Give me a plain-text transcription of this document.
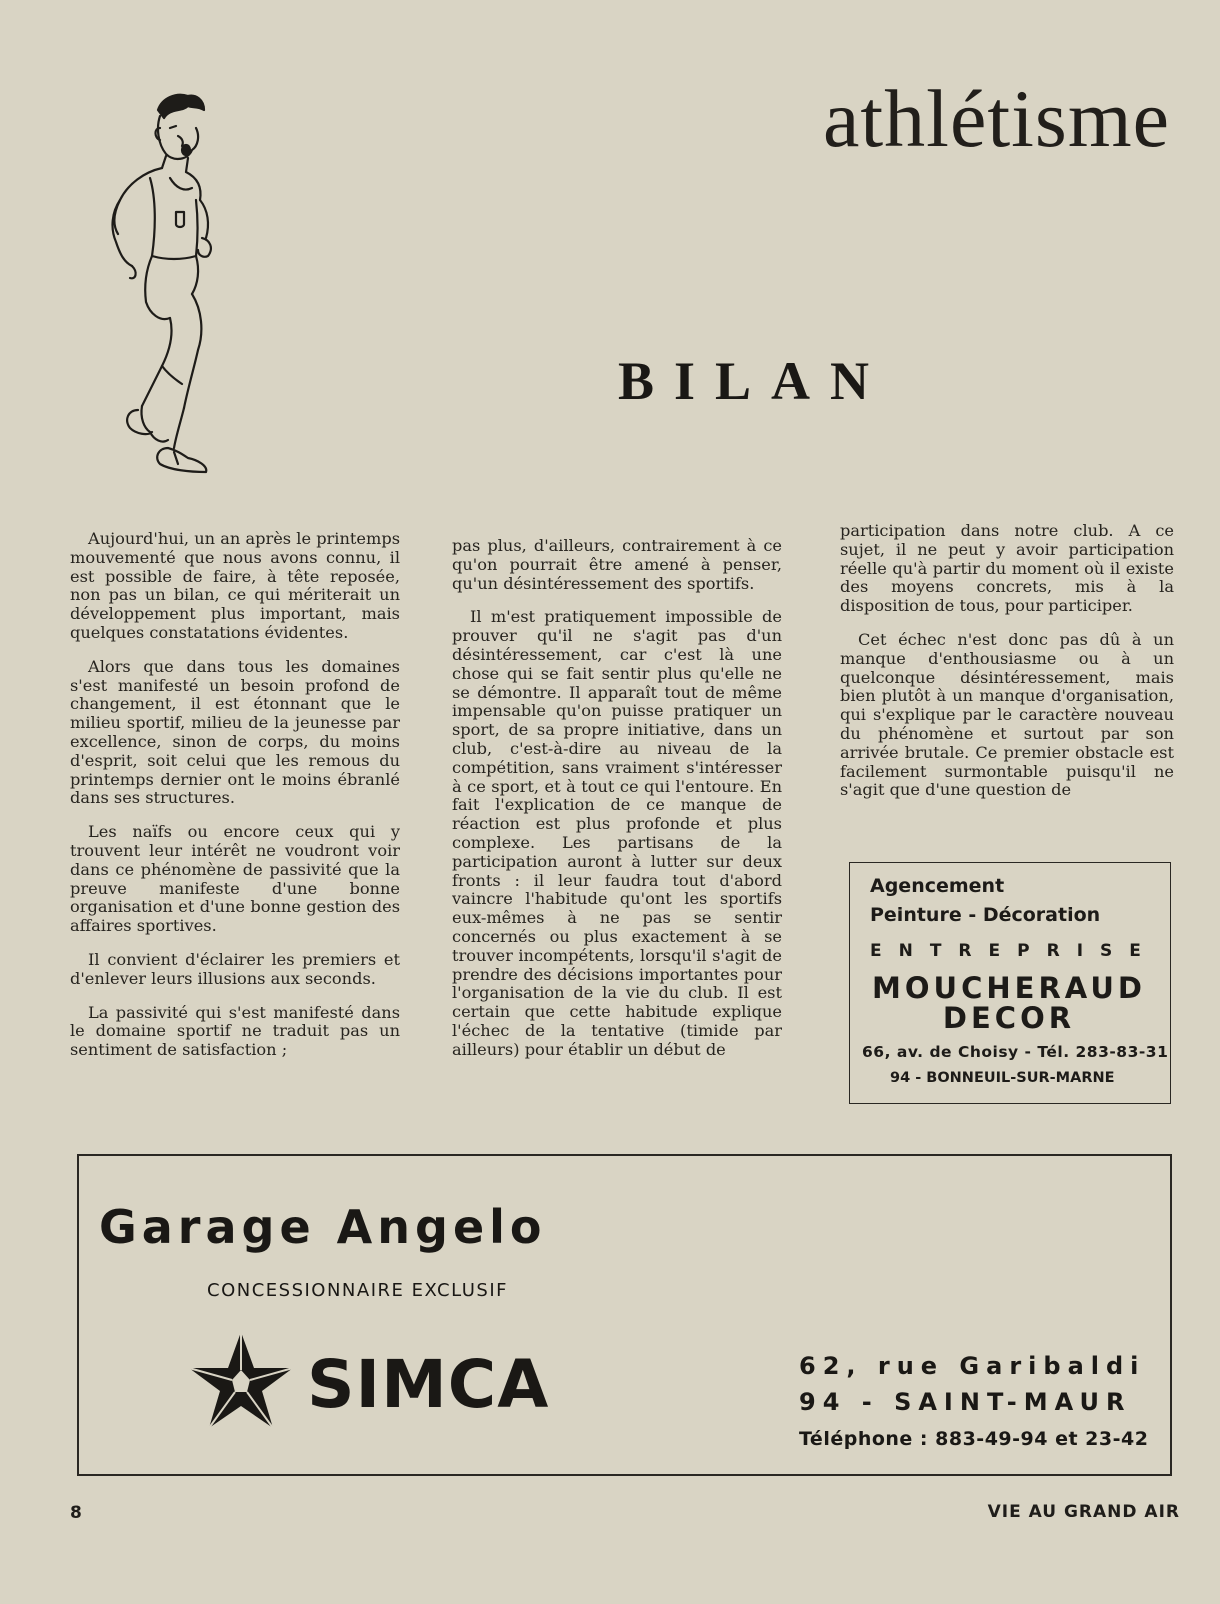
athlétisme
BILAN

Aujourd'hui, un an après le printemps mouvementé que nous avons connu, il est possible de faire, à tête reposée, non pas un bilan, ce qui mériterait un développement plus important, mais quelques constatations évidentes.

Alors que dans tous les domaines s'est manifesté un besoin profond de changement, il est étonnant que le milieu sportif, milieu de la jeunesse par excellence, sinon de corps, du moins d'esprit, soit celui que les remous du printemps dernier ont le moins ébranlé dans ses structures.

Les naïfs ou encore ceux qui y trouvent leur intérêt ne voudront voir dans ce phénomène de passivité que la preuve manifeste d'une bonne organisation et d'une bonne gestion des affaires sportives.

Il convient d'éclairer les premiers et d'enlever leurs illusions aux seconds.

La passivité qui s'est manifesté dans le domaine sportif ne traduit pas un sentiment de satisfaction ;

pas plus, d'ailleurs, contrairement à ce qu'on pourrait être amené à penser, qu'un désintéressement des sportifs.

Il m'est pratiquement impossible de prouver qu'il ne s'agit pas d'un désintéressement, car c'est là une chose qui se fait sentir plus qu'elle ne se démontre. Il apparaît tout de même impensable qu'on puisse pratiquer un sport, de sa propre initiative, dans un club, c'est-à-dire au niveau de la compétition, sans vraiment s'intéresser à ce sport, et à tout ce qui l'entoure. En fait l'explication de ce manque de réaction est plus profonde et plus complexe. Les partisans de la participation auront à lutter sur deux fronts : il leur faudra tout d'abord vaincre l'habitude qu'ont les sportifs eux-mêmes à ne pas se sentir concernés ou plus exactement à se trouver incompétents, lorsqu'il s'agit de prendre des décisions importantes pour l'organisation de la vie du club. Il est certain que cette habitude explique l'échec de la tentative (timide par ailleurs) pour établir un début de

participation dans notre club. A ce sujet, il ne peut y avoir participation réelle qu'à partir du moment où il existe des moyens concrets, mis à la disposition de tous, pour participer.

Cet échec n'est donc pas dû à un manque d'enthousiasme ou à un quelconque désintéressement, mais bien plutôt à un manque d'organisation, qui s'explique par le caractère nouveau du phénomène et surtout par son arrivée brutale. Ce premier obstacle est facilement surmontable puisqu'il ne s'agit que d'une question de

Agencement
Peinture - Décoration
ENTREPRISE
MOUCHERAUD
DECOR
66, av. de Choisy - Tél. 283-83-31
94 - BONNEUIL-SUR-MARNE
Garage Angelo
CONCESSIONNAIRE EXCLUSIF
SIMCA	62, rue Garibaldi
94 - SAINT-MAUR
Téléphone : 883-49-94 et 23-42
8	VIE AU GRAND AIR
